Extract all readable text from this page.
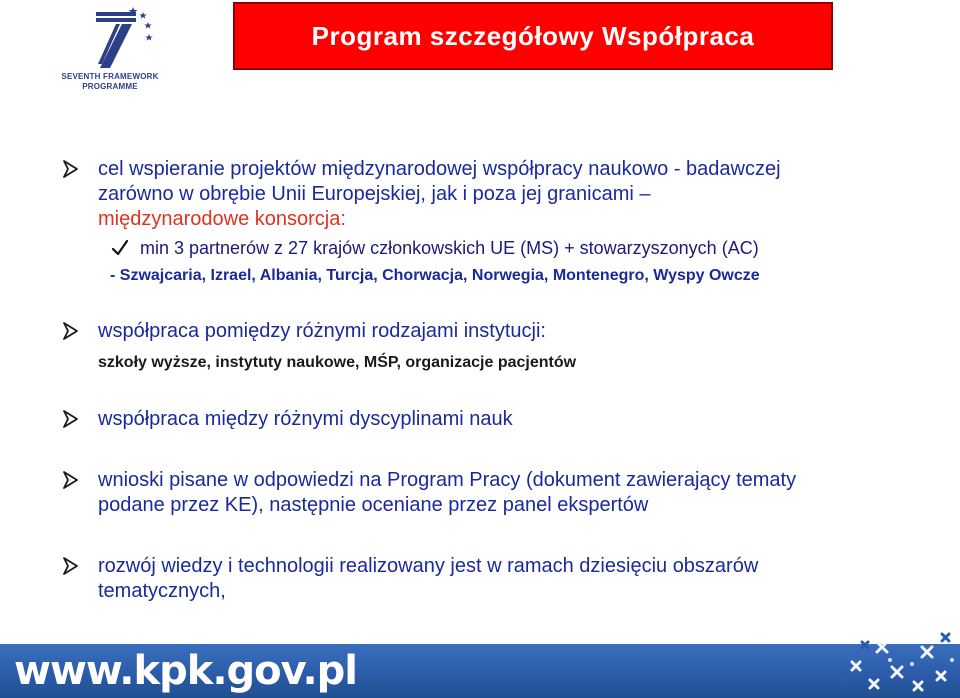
SEVENTH FRAMEWORK
PROGRAMME
Program szczegółowy Współpraca

cel wspieranie projektów międzynarodowej współpracy naukowo - badawczej

zarówno w obrębie Unii Europejskiej, jak i poza jej granicami –

międzynarodowe konsorcja:

min 3 partnerów z 27 krajów członkowskich UE (MS) + stowarzyszonych (AC)

- Szwajcaria, Izrael, Albania, Turcja, Chorwacja, Norwegia, Montenegro, Wyspy Owcze

współpraca pomiędzy różnymi rodzajami instytucji:

szkoły wyższe, instytuty naukowe, MŚP, organizacje pacjentów

współpraca między różnymi dyscyplinami nauk

wnioski pisane w odpowiedzi na Program Pracy (dokument zawierający tematy

podane przez KE), następnie oceniane przez panel ekspertów

rozwój wiedzy i technologii realizowany jest w ramach dziesięciu obszarów

tematycznych,

www.kpk.gov.pl
